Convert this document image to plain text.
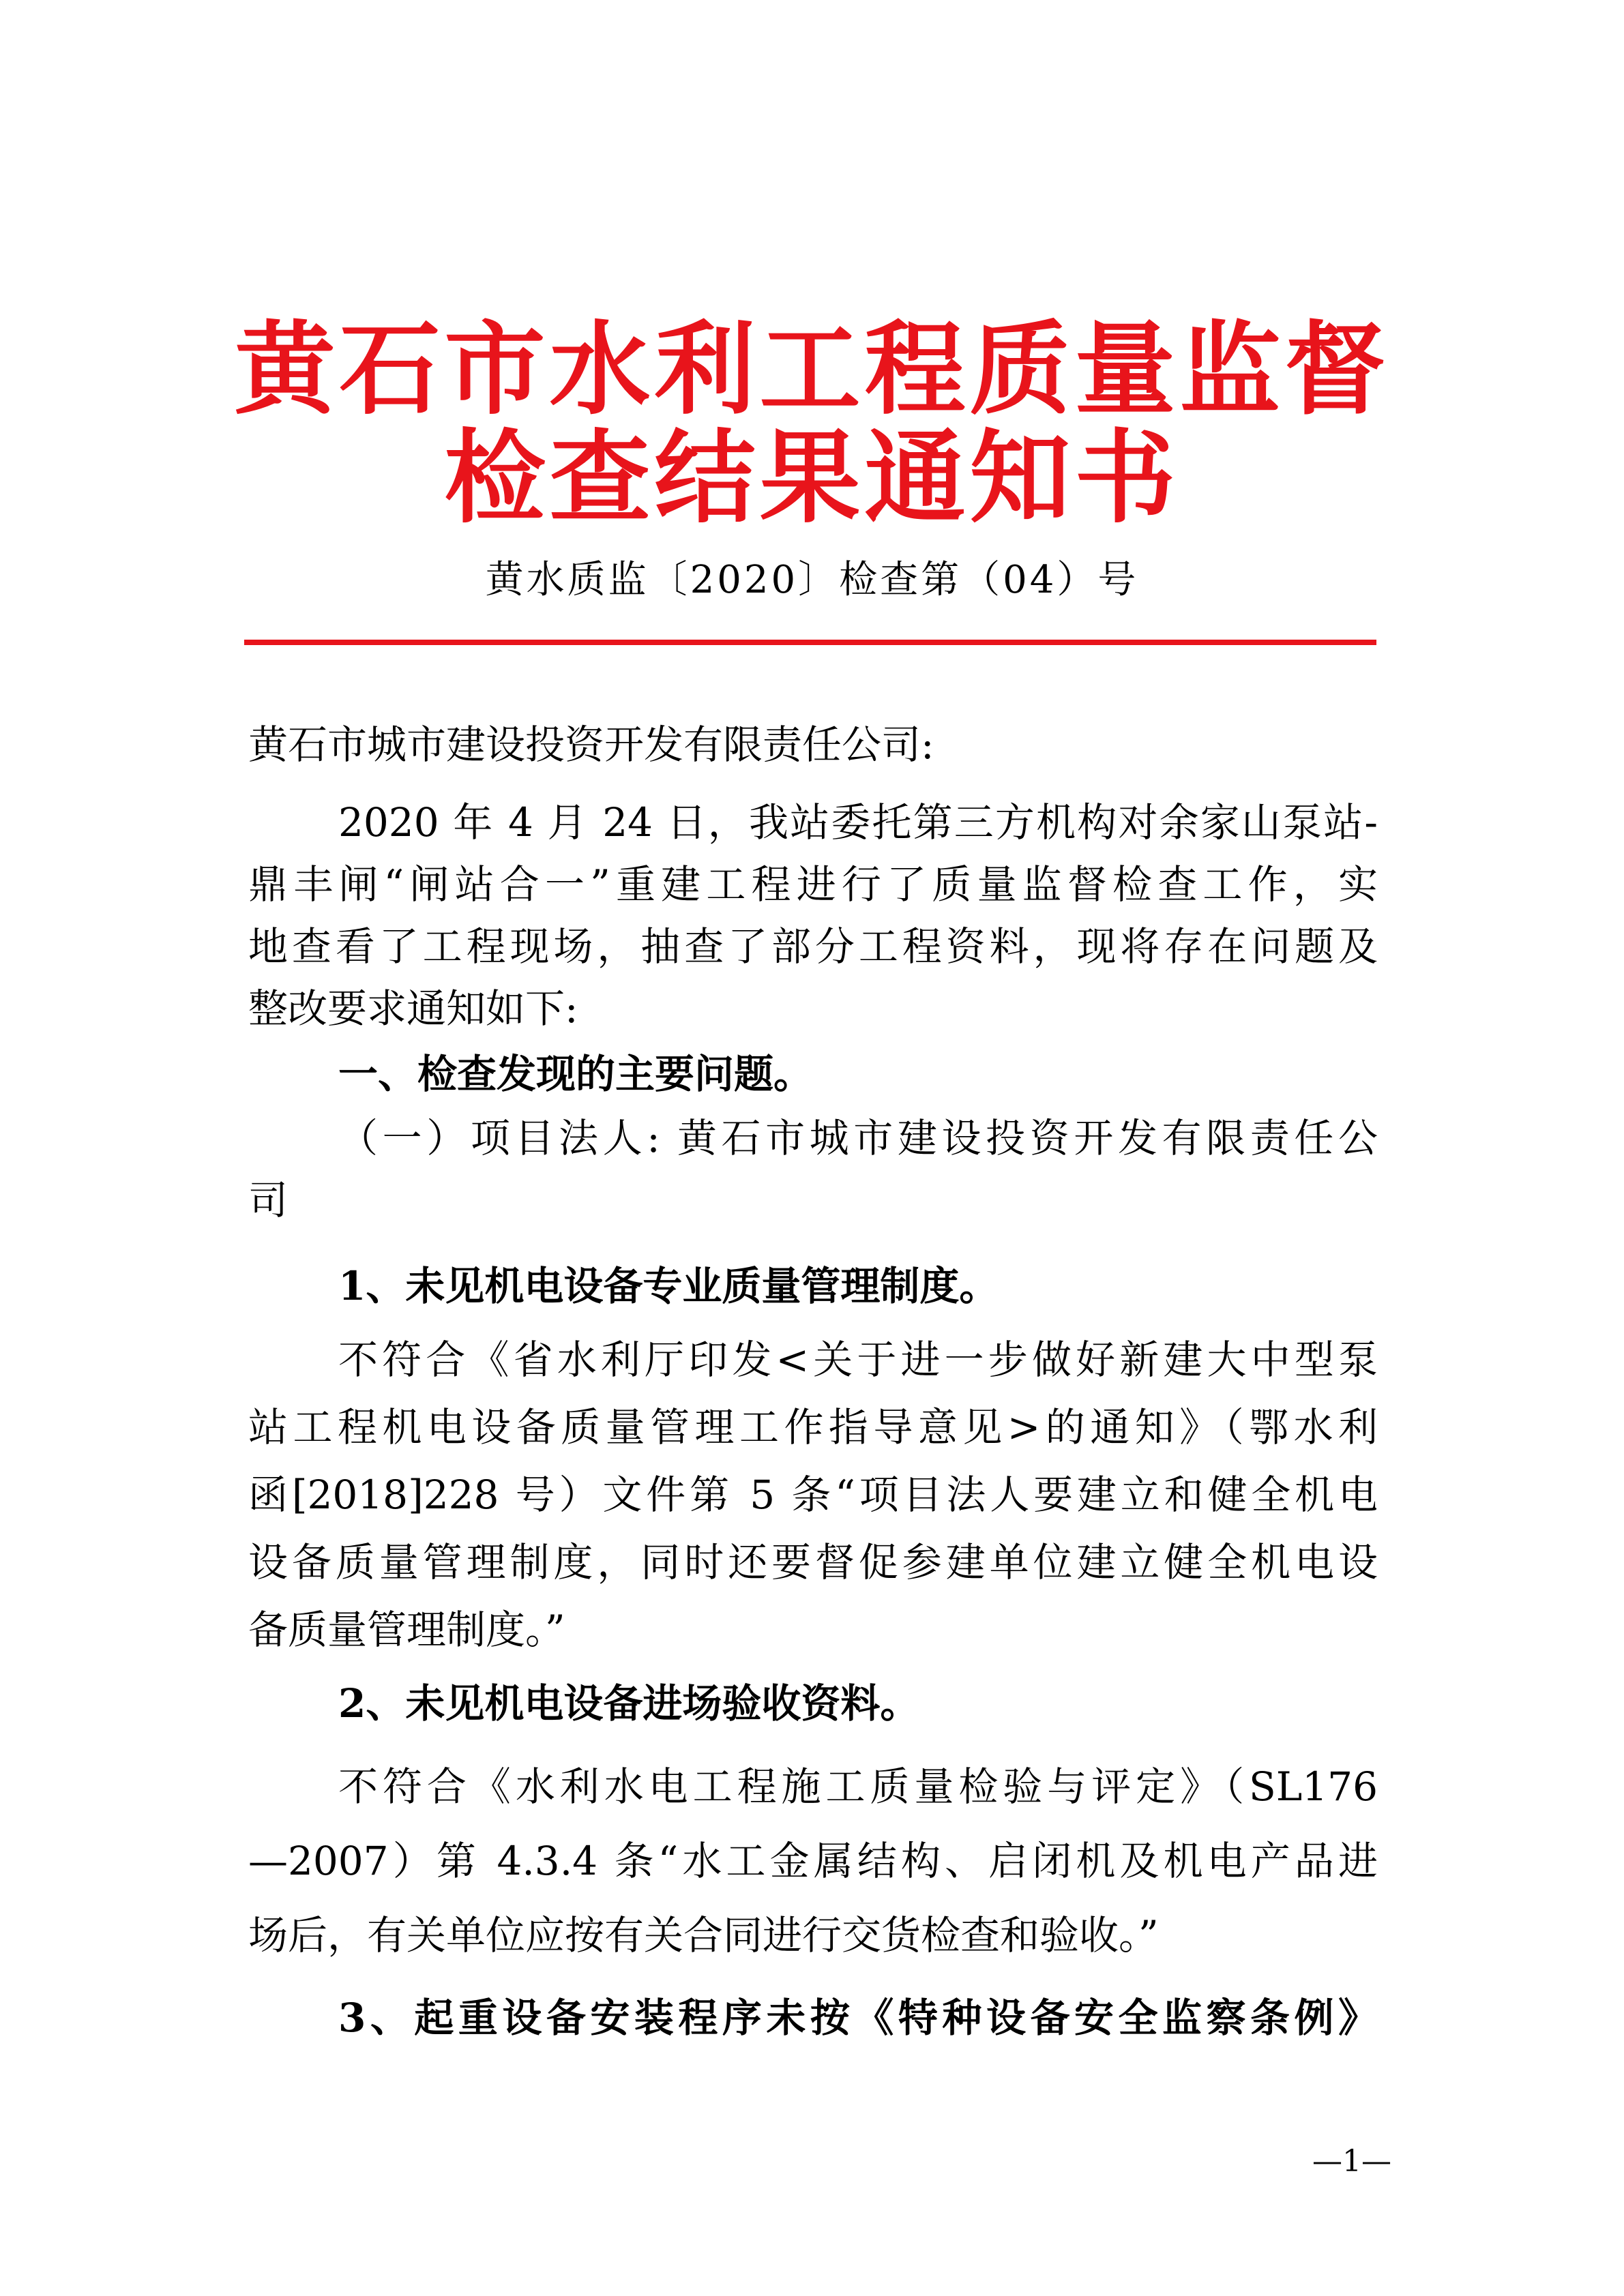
黄石市水利工程质量监督
检查结果通知书
黄水质监〔2020〕检查第（04）号
黄石市城市建设投资开发有限责任公司:
2020 年 4 月 24 日，我站委托第三方机构对余家山泵站-
鼎丰闸“闸站合一”重建工程进行了质量监督检查工作，实
地查看了工程现场，抽查了部分工程资料，现将存在问题及
整改要求通知如下:
一、检查发现的主要问题。
（一）项目法人: 黄石市城市建设投资开发有限责任公
司
1、未见机电设备专业质量管理制度。
不符合《省水利厅印发<关于进一步做好新建大中型泵
站工程机电设备质量管理工作指导意见>的通知》（鄂水利
函[2018]228 号）文件第 5 条“项目法人要建立和健全机电
设备质量管理制度，同时还要督促参建单位建立健全机电设
备质量管理制度。”
2、未见机电设备进场验收资料。
不符合《水利水电工程施工质量检验与评定》（SL176
—2007）第 4.3.4 条“水工金属结构、启闭机及机电产品进
场后，有关单位应按有关合同进行交货检查和验收。”
3、起重设备安装程序未按《特种设备安全监察条例》
—1—
